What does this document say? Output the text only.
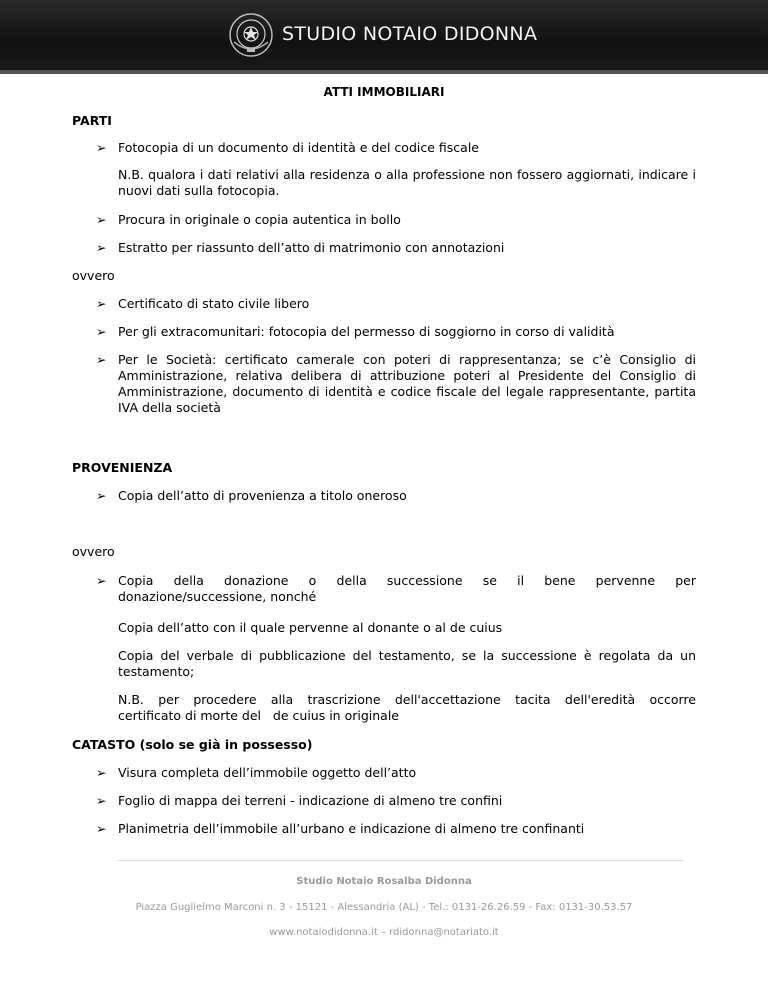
STUDIO NOTAIO DIDONNA
ATTI IMMOBILIARI
PARTI
➢ Fotocopia di un documento di identità e del codice fiscale
N.B. qualora i dati relativi alla residenza o alla professione non fossero aggiornati, indicare i nuovi dati sulla fotocopia.
➢ Procura in originale o copia autentica in bollo
➢ Estratto per riassunto dell’atto di matrimonio con annotazioni
ovvero
➢ Certificato di stato civile libero
➢ Per gli extracomunitari: fotocopia del permesso di soggiorno in corso di validità
➢ Per le Società: certificato camerale con poteri di rappresentanza; se c’è Consiglio di Amministrazione, relativa delibera di attribuzione poteri al Presidente del Consiglio di Amministrazione, documento di identità e codice fiscale del legale rappresentante, partita IVA della società
PROVENIENZA
➢ Copia dell’atto di provenienza a titolo oneroso
ovvero
➢ Copia della donazione o della successione se il bene pervenne per
donazione/successione, nonché
Copia dell’atto con il quale pervenne al donante o al de cuius
Copia del verbale di pubblicazione del testamento, se la successione è regolata da un testamento;
N.B. per procedere alla trascrizione dell'accettazione tacita dell'eredità occorre
certificato di morte del   de cuius in originale
CATASTO (solo se già in possesso)
➢ Visura completa dell’immobile oggetto dell’atto
➢ Foglio di mappa dei terreni - indicazione di almeno tre confini
➢ Planimetria dell’immobile all’urbano e indicazione di almeno tre confinanti
Studio Notaio Rosalba Didonna
Piazza Guglielmo Marconi n. 3 - 15121 - Alessandria (AL) - Tel.: 0131-26.26.59 - Fax: 0131-30.53.57
www.notaiodidonna.it – rdidonna@notariato.it
